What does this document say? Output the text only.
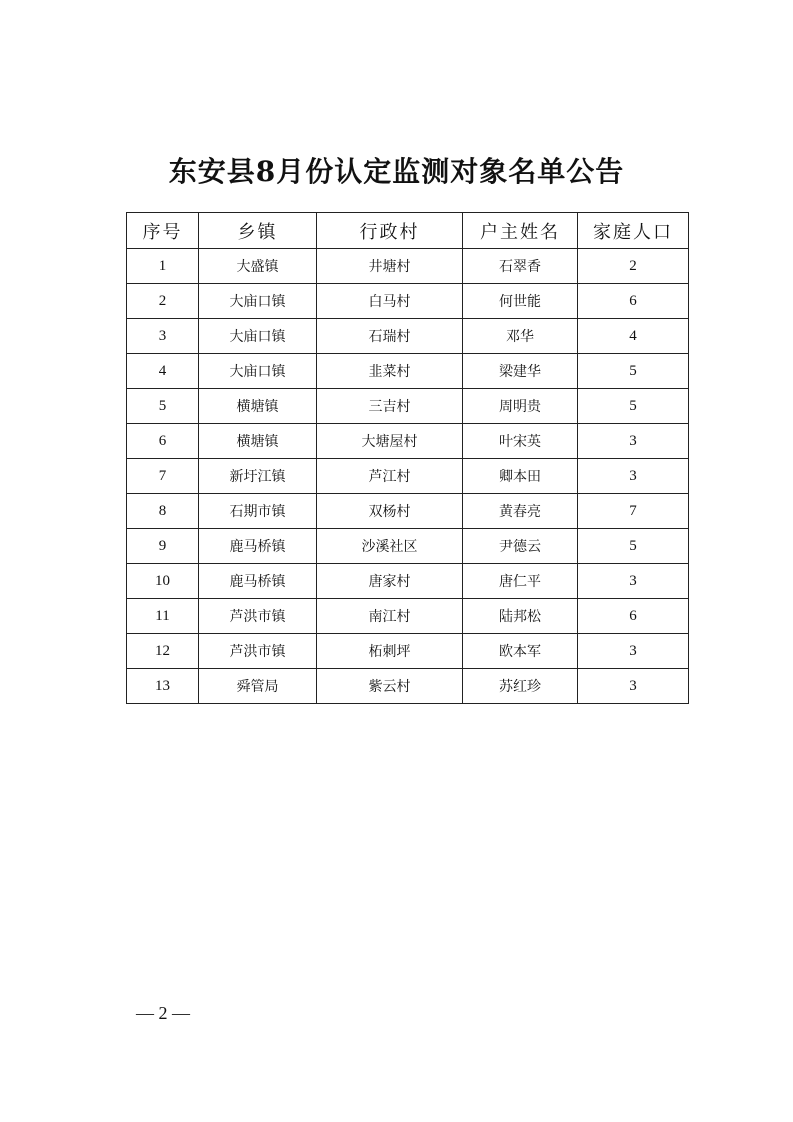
东安县8月份认定监测对象名单公告
序号	乡镇	行政村	户主姓名	家庭人口
1	大盛镇	井塘村	石翠香	2
2	大庙口镇	白马村	何世能	6
3	大庙口镇	石瑞村	邓华	4
4	大庙口镇	韭菜村	梁建华	5
5	横塘镇	三吉村	周明贵	5
6	横塘镇	大塘屋村	叶宋英	3
7	新圩江镇	芦江村	卿本田	3
8	石期市镇	双杨村	黄春亮	7
9	鹿马桥镇	沙溪社区	尹德云	5
10	鹿马桥镇	唐家村	唐仁平	3
11	芦洪市镇	南江村	陆邦松	6
12	芦洪市镇	柘刺坪	欧本军	3
13	舜管局	紫云村	苏红珍	3
— 2 —
